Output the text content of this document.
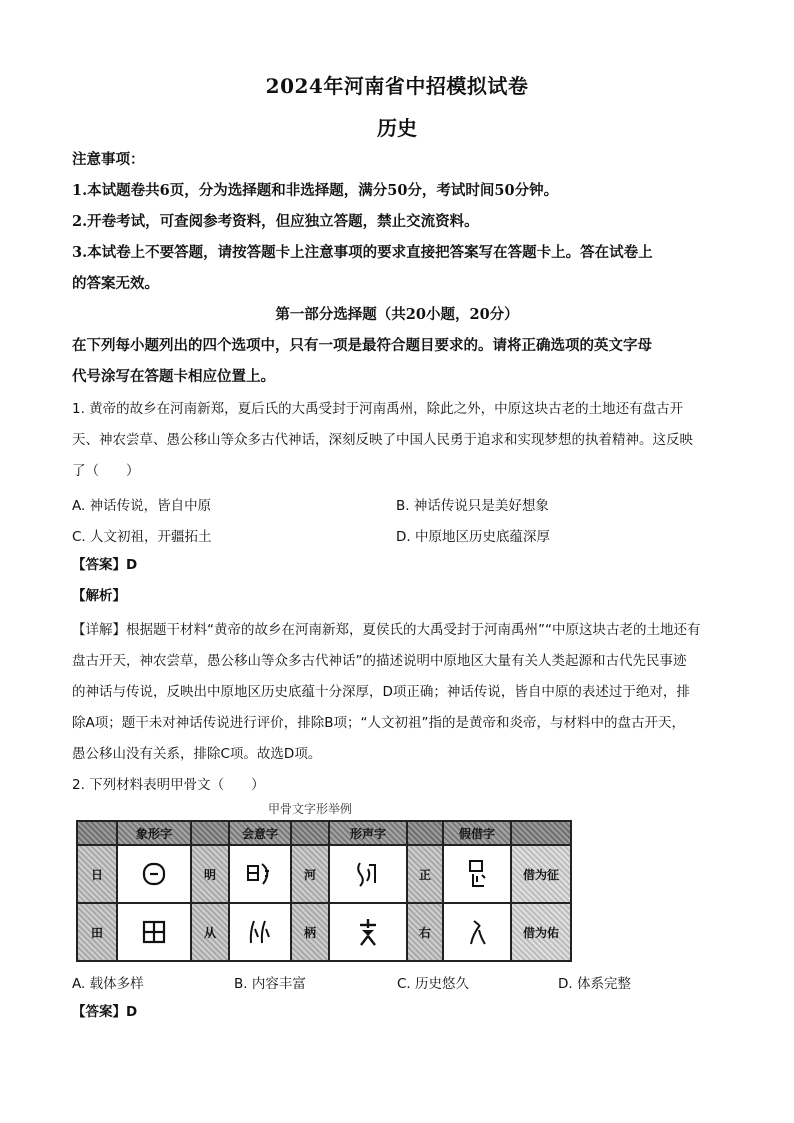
2024年河南省中招模拟试卷
历史
注意事项：
1.本试题卷共6页，分为选择题和非选择题，满分50分，考试时间50分钟。
2.开卷考试，可查阅参考资料，但应独立答题，禁止交流资料。
3.本试卷上不要答题，请按答题卡上注意事项的要求直接把答案写在答题卡上。答在试卷上
的答案无效。
第一部分选择题（共20小题，20分）
在下列每小题列出的四个选项中，只有一项是最符合题目要求的。请将正确选项的英文字母
代号涂写在答题卡相应位置上。
1. 黄帝的故乡在河南新郑，夏后氏的大禹受封于河南禹州，除此之外，中原这块古老的土地还有盘古开
天、神农尝草、愚公移山等众多古代神话，深刻反映了中国人民勇于追求和实现梦想的执着精神。这反映
了（　　）
A. 神话传说，皆自中原	B. 神话传说只是美好想象
C. 人文初祖，开疆拓土	D. 中原地区历史底蕴深厚
【答案】D
【解析】
【详解】根据题干材料“黄帝的故乡在河南新郑，夏侯氏的大禹受封于河南禹州”“中原这块古老的土地还有
盘古开天，神农尝草，愚公移山等众多古代神话”的描述说明中原地区大量有关人类起源和古代先民事迹
的神话与传说，反映出中原地区历史底蕴十分深厚，D项正确；神话传说，皆自中原的表述过于绝对，排
除A项；题干未对神话传说进行评价，排除B项；“人文初祖”指的是黄帝和炎帝，与材料中的盘古开天，
愚公移山没有关系，排除C项。故选D项。
2. 下列材料表明甲骨文（　　）
甲骨文字形举例
	象形字		会意字		形声字		假借字	
日		明		河		正		借为征
田		从		柄		右		借为佑
A. 载体多样	B. 内容丰富	C. 历史悠久	D. 体系完整
【答案】D
